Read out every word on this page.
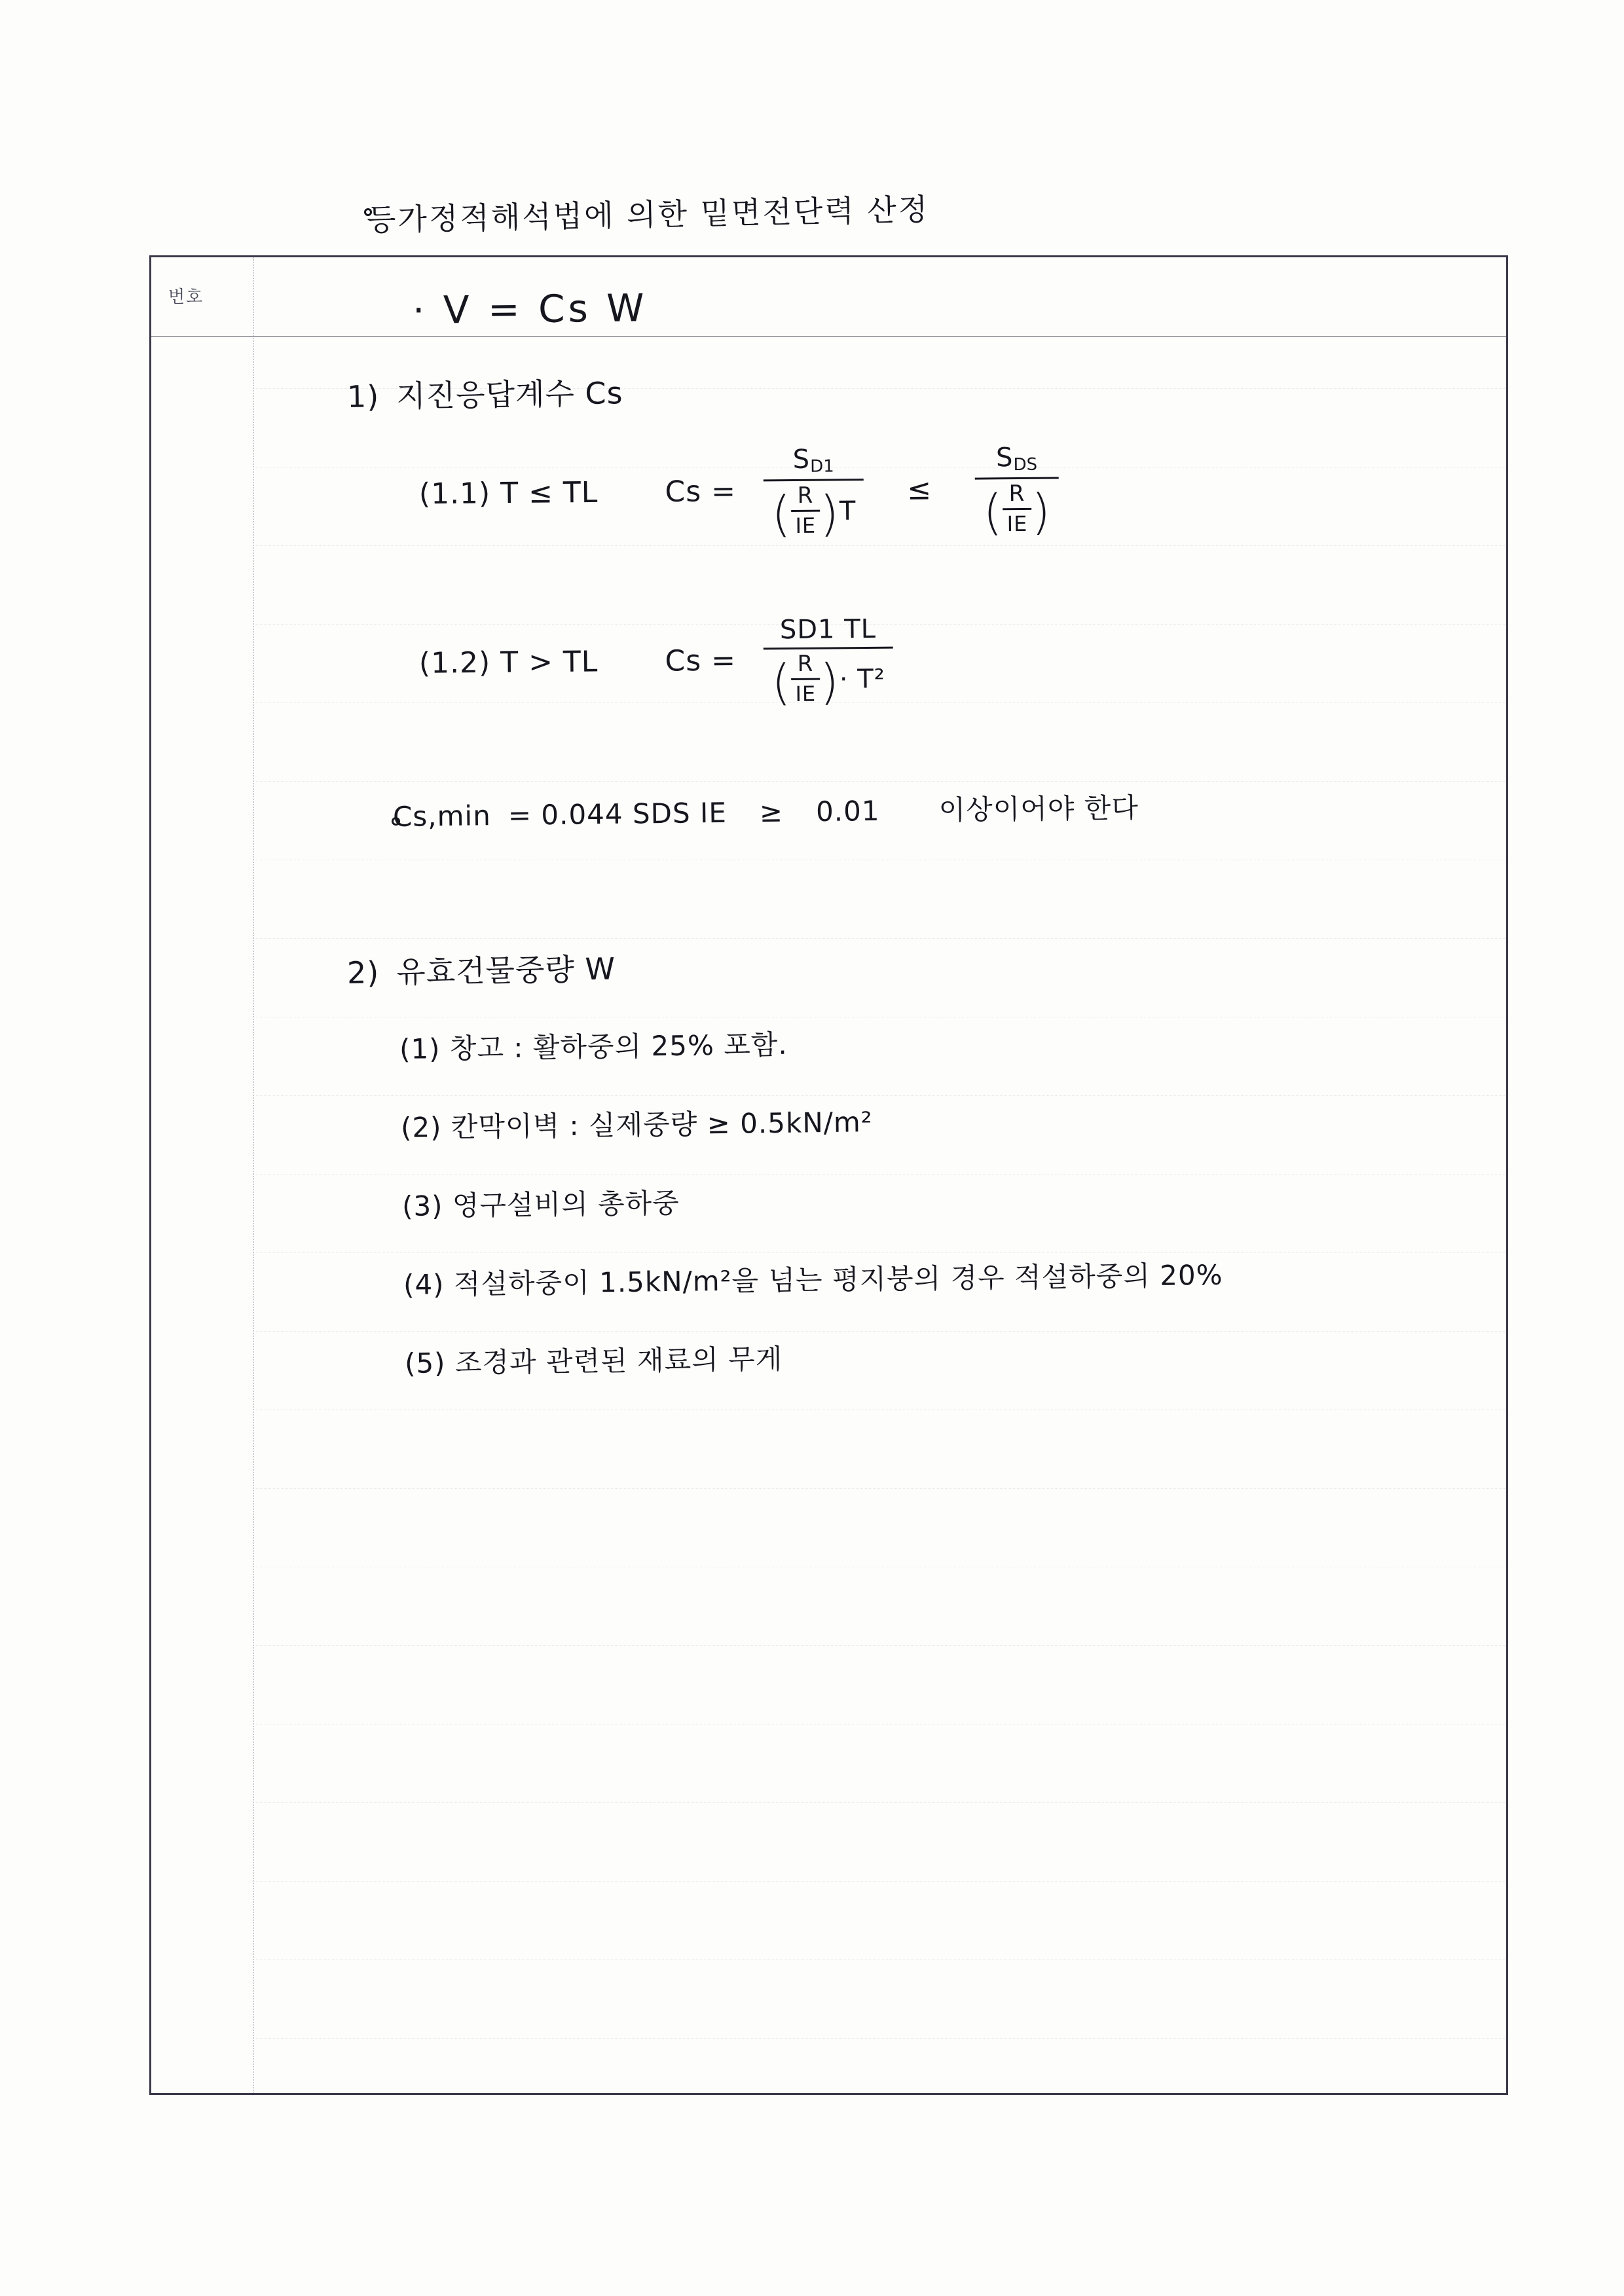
등가정적해석법에 의한 밑면전단력 산정
번호	· V = Cs W
1) 지진응답계수 Cs
(1.1) T ≤ TL Cs =
$S_{D1}$
( $\frac{R}{IE} )T$
≤
$S_{DS}$
( $\frac{R}{IE}$ )
(1.2) T > TL Cs =
SD1 TL
( $\frac{R}{IE}$ )· T²
Cs,min = 0.044 SDS IE ≥ 0.01 이상이어야 한다
2) 유효건물중량 W
(1) 창고 : 활하중의 25% 포함.
(2) 칸막이벽 : 실제중량 ≥ 0.5kN/m²
(3) 영구설비의 총하중
(4) 적설하중이 1.5kN/m²을 넘는 평지붕의 경우 적설하중의 20%
(5) 조경과 관련된 재료의 무게
